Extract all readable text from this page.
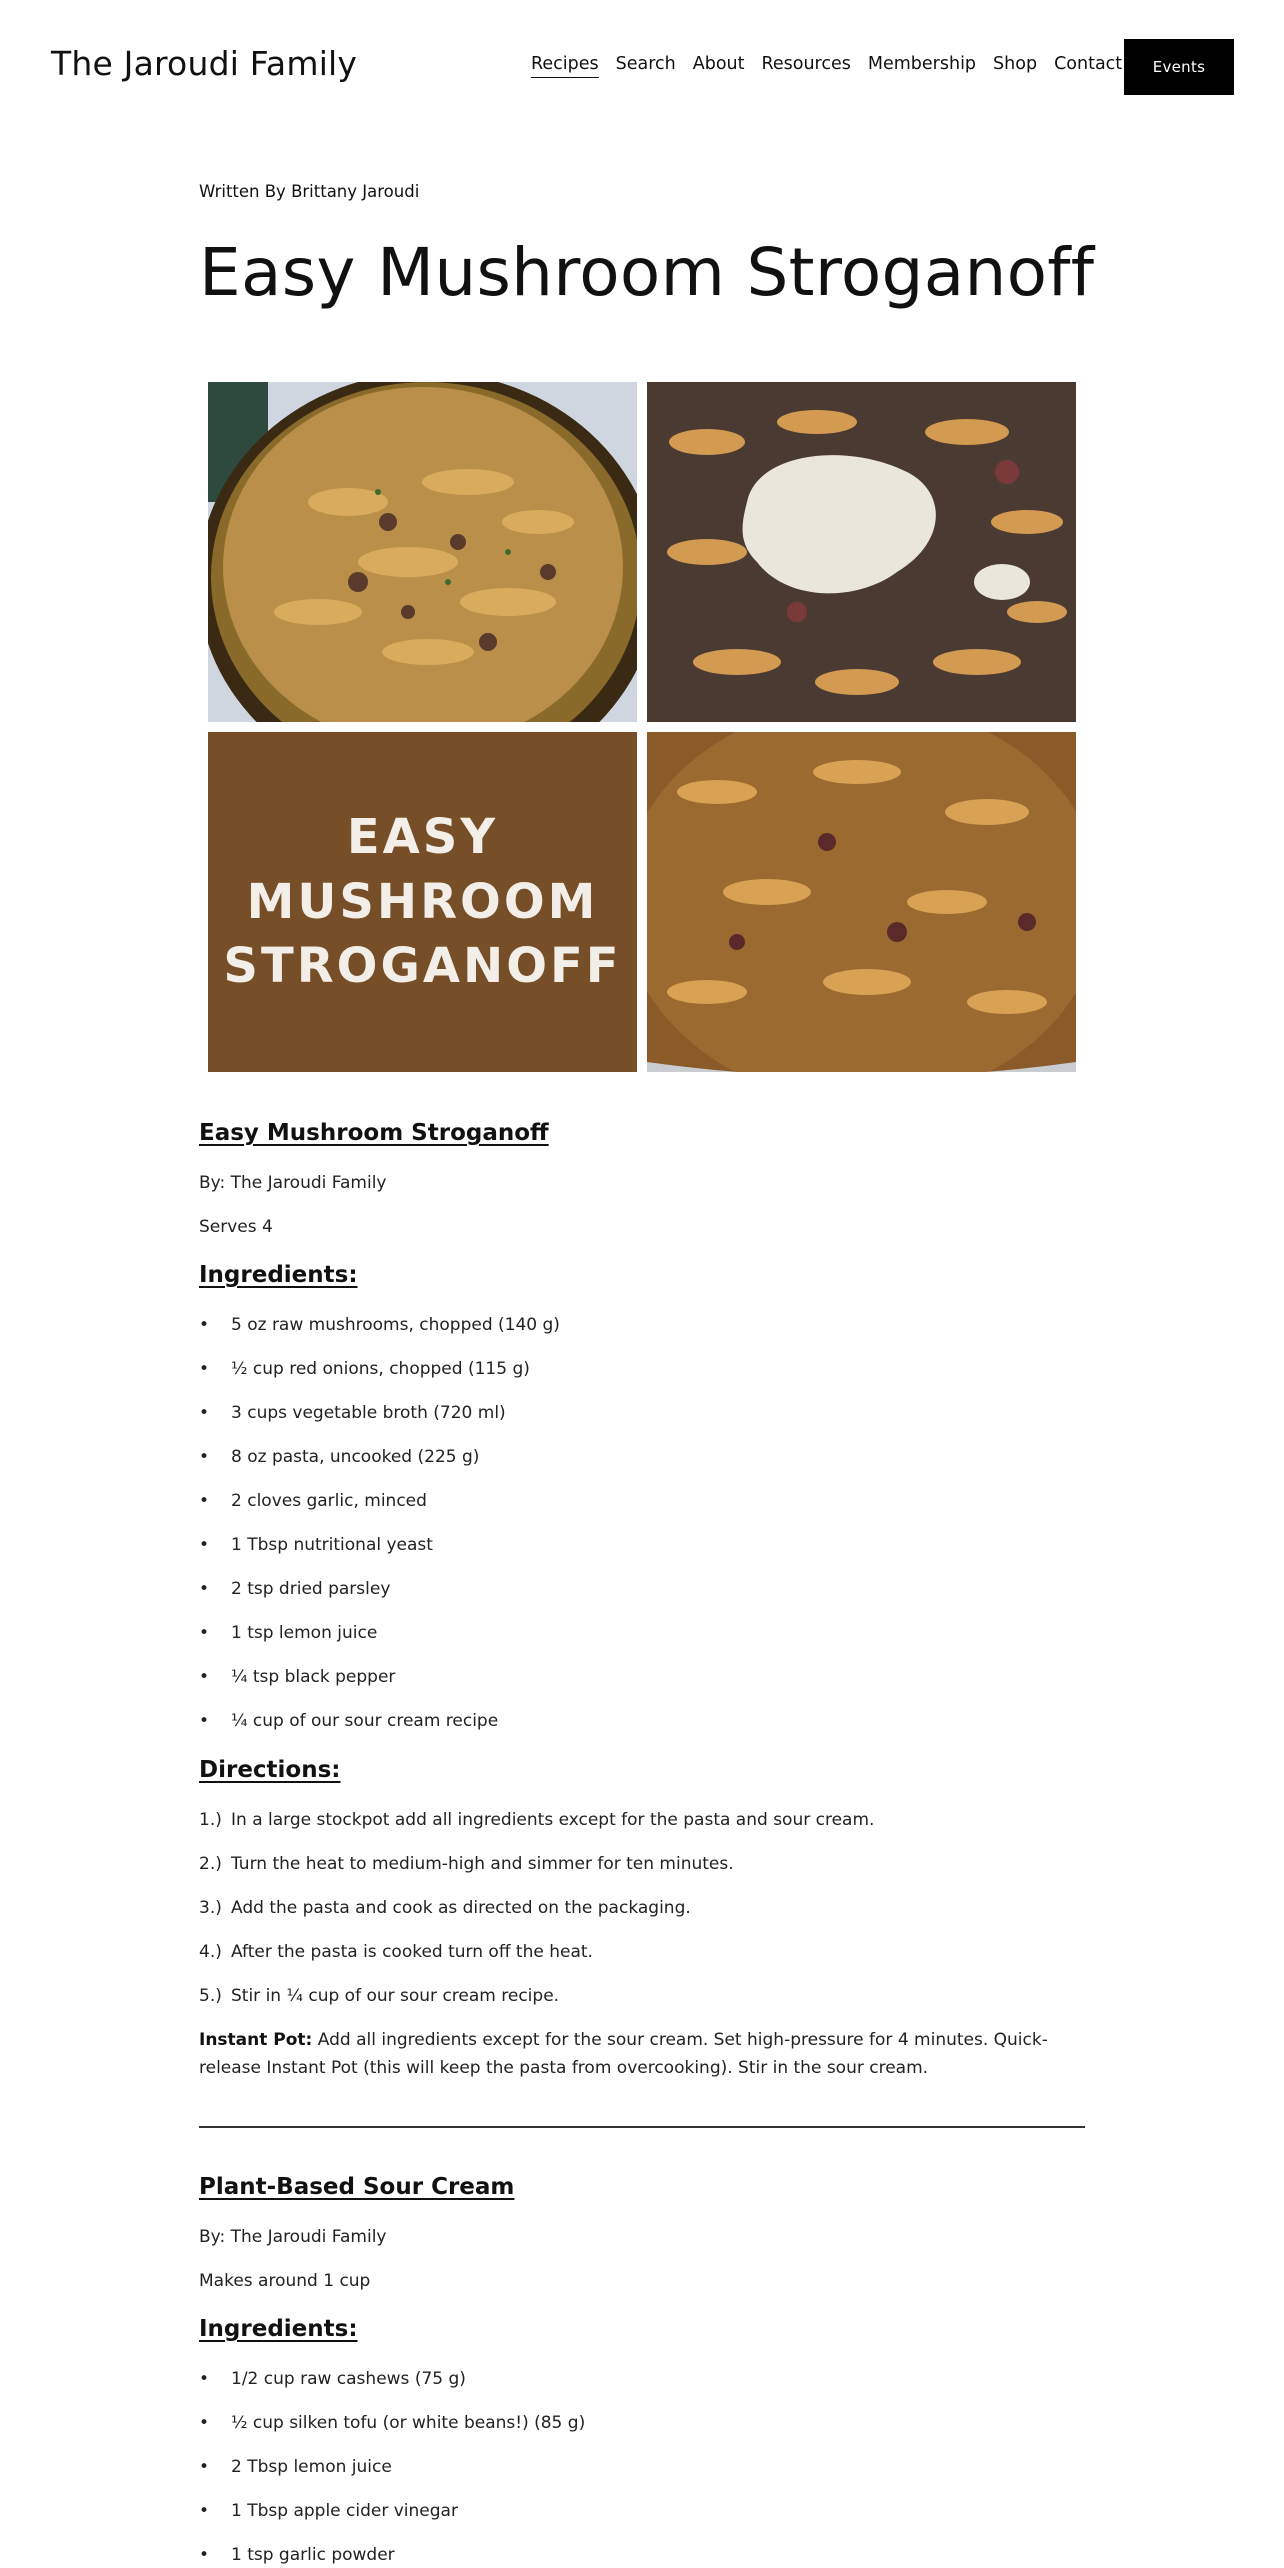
The Jaroudi Family	Recipes Search About Resources Membership Shop Contact	Events
Written By Brittany Jaroudi
Easy Mushroom Stroganoff
EASY
MUSHROOM
STROGANOFF
Easy Mushroom Stroganoff
By: The Jaroudi Family
Serves 4
Ingredients:
• 5 oz raw mushrooms, chopped (140 g)
• ½ cup red onions, chopped (115 g)
• 3 cups vegetable broth (720 ml)
• 8 oz pasta, uncooked (225 g)
• 2 cloves garlic, minced
• 1 Tbsp nutritional yeast
• 2 tsp dried parsley
• 1 tsp lemon juice
• ¼ tsp black pepper
• ¼ cup of our sour cream recipe
Directions:
1.) In a large stockpot add all ingredients except for the pasta and sour cream.
2.) Turn the heat to medium-high and simmer for ten minutes.
3.) Add the pasta and cook as directed on the packaging.
4.) After the pasta is cooked turn off the heat.
5.) Stir in ¼ cup of our sour cream recipe.
Instant Pot: Add all ingredients except for the sour cream. Set high-pressure for 4 minutes. Quick-release Instant Pot (this will keep the pasta from overcooking). Stir in the sour cream.
Plant-Based Sour Cream
By: The Jaroudi Family
Makes around 1 cup
Ingredients:
• 1/2 cup raw cashews (75 g)
• ½ cup silken tofu (or white beans!) (85 g)
• 2 Tbsp lemon juice
• 1 Tbsp apple cider vinegar
• 1 tsp garlic powder
